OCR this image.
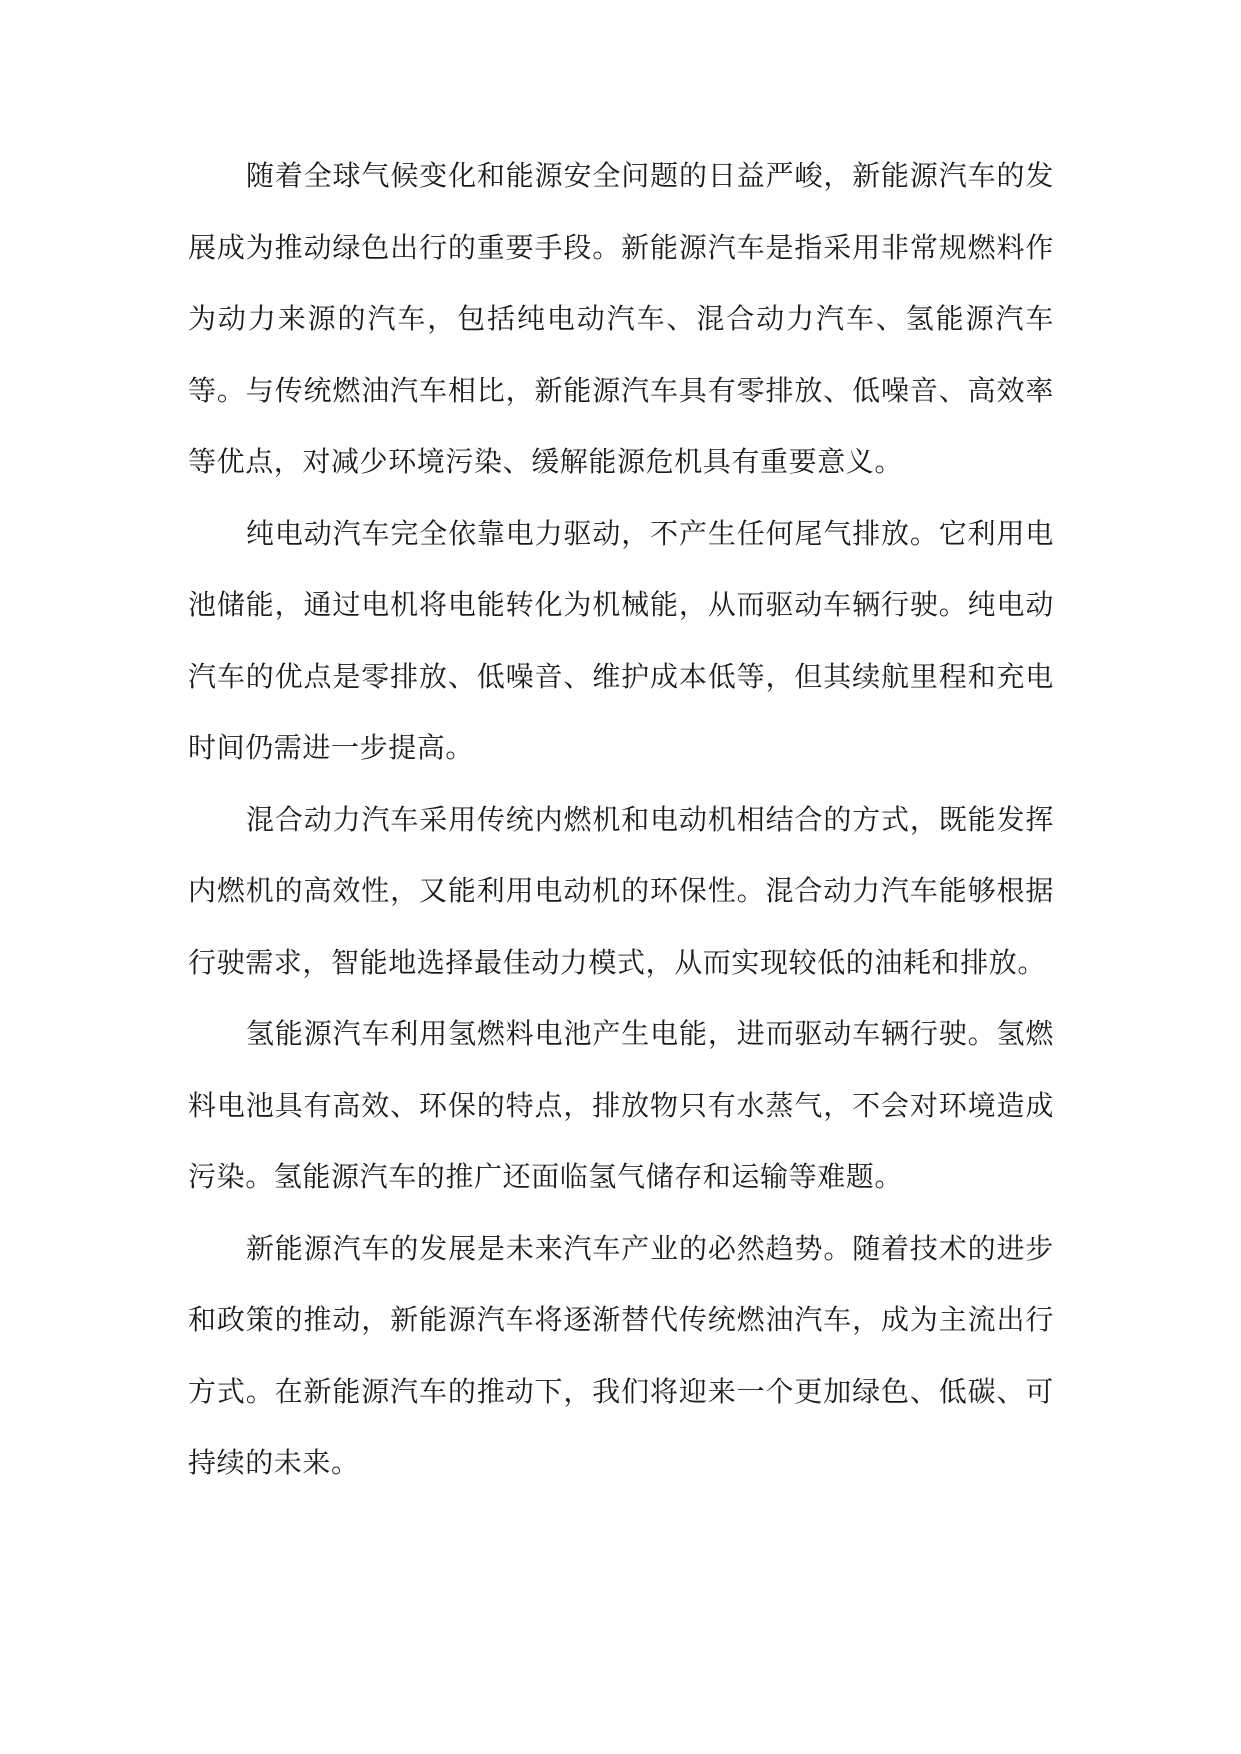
随着全球气候变化和能源安全问题的日益严峻，新能源汽车的发展成为推动绿色出行的重要手段。新能源汽车是指采用非常规燃料作为动力来源的汽车，包括纯电动汽车、混合动力汽车、氢能源汽车等。与传统燃油汽车相比，新能源汽车具有零排放、低噪音、高效率等优点，对减少环境污染、缓解能源危机具有重要意义。

纯电动汽车完全依靠电力驱动，不产生任何尾气排放。它利用电池储能，通过电机将电能转化为机械能，从而驱动车辆行驶。纯电动汽车的优点是零排放、低噪音、维护成本低等，但其续航里程和充电时间仍需进一步提高。

混合动力汽车采用传统内燃机和电动机相结合的方式，既能发挥内燃机的高效性，又能利用电动机的环保性。混合动力汽车能够根据行驶需求，智能地选择最佳动力模式，从而实现较低的油耗和排放。

氢能源汽车利用氢燃料电池产生电能，进而驱动车辆行驶。氢燃料电池具有高效、环保的特点，排放物只有水蒸气，不会对环境造成污染。氢能源汽车的推广还面临氢气储存和运输等难题。

新能源汽车的发展是未来汽车产业的必然趋势。随着技术的进步和政策的推动，新能源汽车将逐渐替代传统燃油汽车，成为主流出行方式。在新能源汽车的推动下，我们将迎来一个更加绿色、低碳、可持续的未来。
